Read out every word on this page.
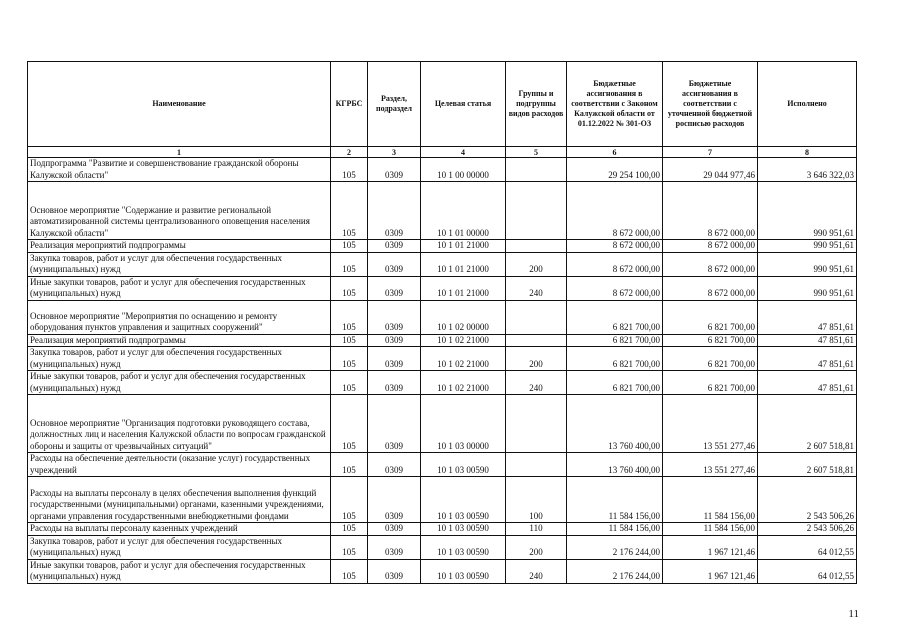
Наименование	КГРБС	Раздел, подраздел	Целевая статья	Группы и подгруппы видов расходов	Бюджетные ассигнования в соответствии с Законом Калужской области от 01.12.2022 № 301-ОЗ	Бюджетные ассигнования в соответствии с уточненной бюджетной росписью расходов	Исполнено
1	2	3	4	5	6	7	8
Подпрограмма "Развитие и совершенствование гражданской обороны Калужской области"	105	0309	10 1 00 00000		29 254 100,00	29 044 977,46	3 646 322,03
Основное мероприятие "Содержание и развитие региональной автоматизированной системы централизованного оповещения населения Калужской области"	105	0309	10 1 01 00000		8 672 000,00	8 672 000,00	990 951,61
Реализация мероприятий подпрограммы	105	0309	10 1 01 21000		8 672 000,00	8 672 000,00	990 951,61
Закупка товаров, работ и услуг для обеспечения государственных (муниципальных) нужд	105	0309	10 1 01 21000	200	8 672 000,00	8 672 000,00	990 951,61
Иные закупки товаров, работ и услуг для обеспечения государственных (муниципальных) нужд	105	0309	10 1 01 21000	240	8 672 000,00	8 672 000,00	990 951,61
Основное мероприятие "Мероприятия по оснащению и ремонту оборудования пунктов управления и защитных сооружений"	105	0309	10 1 02 00000		6 821 700,00	6 821 700,00	47 851,61
Реализация мероприятий подпрограммы	105	0309	10 1 02 21000		6 821 700,00	6 821 700,00	47 851,61
Закупка товаров, работ и услуг для обеспечения государственных (муниципальных) нужд	105	0309	10 1 02 21000	200	6 821 700,00	6 821 700,00	47 851,61
Иные закупки товаров, работ и услуг для обеспечения государственных (муниципальных) нужд	105	0309	10 1 02 21000	240	6 821 700,00	6 821 700,00	47 851,61
Основное мероприятие "Организация подготовки руководящего состава, должностных лиц и населения Калужской области по вопросам гражданской обороны и защиты от чрезвычайных ситуаций"	105	0309	10 1 03 00000		13 760 400,00	13 551 277,46	2 607 518,81
Расходы на обеспечение деятельности (оказание услуг) государственных учреждений	105	0309	10 1 03 00590		13 760 400,00	13 551 277,46	2 607 518,81
Расходы на выплаты персоналу в целях обеспечения выполнения функций государственными (муниципальными) органами, казенными учреждениями, органами управления государственными внебюджетными фондами	105	0309	10 1 03 00590	100	11 584 156,00	11 584 156,00	2 543 506,26
Расходы на выплаты персоналу казенных учреждений	105	0309	10 1 03 00590	110	11 584 156,00	11 584 156,00	2 543 506,26
Закупка товаров, работ и услуг для обеспечения государственных (муниципальных) нужд	105	0309	10 1 03 00590	200	2 176 244,00	1 967 121,46	64 012,55
Иные закупки товаров, работ и услуг для обеспечения государственных (муниципальных) нужд	105	0309	10 1 03 00590	240	2 176 244,00	1 967 121,46	64 012,55
11
